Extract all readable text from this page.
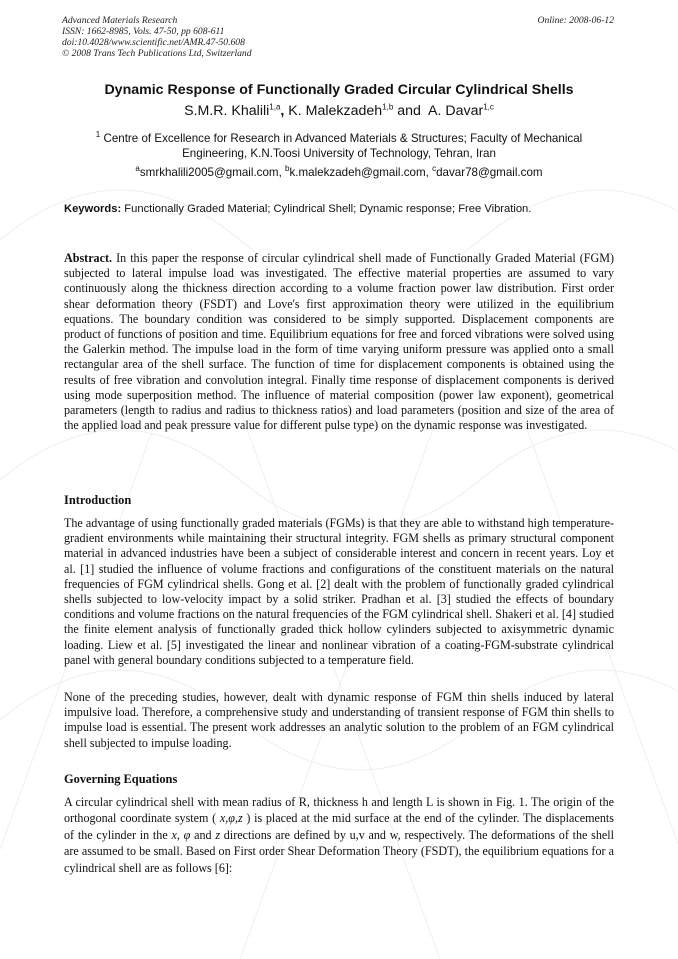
Advanced Materials Research
ISSN: 1662-8985, Vols. 47-50, pp 608-611
doi:10.4028/www.scientific.net/AMR.47-50.608
© 2008 Trans Tech Publications Ltd, Switzerland
Online: 2008-06-12
Dynamic Response of Functionally Graded Circular Cylindrical Shells
S.M.R. Khalili$^{1,a}$, K. Malekzadeh$^{1,b}$ and  A. Davar$^{1,c}$
$^1$ Centre of Excellence for Research in Advanced Materials & Structures; Faculty of Mechanical Engineering, K.N.Toosi University of Technology, Tehran, Iran
$^a$smrkhalili2005@gmail.com, $^b$k.malekzadeh@gmail.com, $^c$davar78@gmail.com
Keywords: Functionally Graded Material; Cylindrical Shell; Dynamic response; Free Vibration.

Abstract. In this paper the response of circular cylindrical shell made of Functionally Graded Material (FGM) subjected to lateral impulse load was investigated. The effective material properties are assumed to vary continuously along the thickness direction according to a volume fraction power law distribution. First order shear deformation theory (FSDT) and Love's first approximation theory were utilized in the equilibrium equations. The boundary condition was considered to be simply supported. Displacement components are product of functions of position and time. Equilibrium equations for free and forced vibrations were solved using the Galerkin method. The impulse load in the form of time varying uniform pressure was applied onto a small rectangular area of the shell surface. The function of time for displacement components is obtained using the results of free vibration and convolution integral. Finally time response of displacement components is derived using mode superposition method. The influence of material composition (power law exponent), geometrical parameters (length to radius and radius to thickness ratios) and load parameters (position and size of the area of the applied load and peak pressure value for different pulse type) on the dynamic response was investigated.

Introduction

The advantage of using functionally graded materials (FGMs) is that they are able to withstand high temperature-gradient environments while maintaining their structural integrity. FGM shells as primary structural component material in advanced industries have been a subject of considerable interest and concern in recent years. Loy et al. [1] studied the influence of volume fractions and configurations of the constituent materials on the natural frequencies of FGM cylindrical shells. Gong et al. [2] dealt with the problem of functionally graded cylindrical shells subjected to low-velocity impact by a solid striker. Pradhan et al. [3] studied the effects of boundary conditions and volume fractions on the natural frequencies of the FGM cylindrical shell. Shakeri et al. [4] studied the finite element analysis of functionally graded thick hollow cylinders subjected to axisymmetric dynamic loading. Liew et al. [5] investigated the linear and nonlinear vibration of a coating-FGM-substrate cylindrical panel with general boundary conditions subjected to a temperature field.

None of the preceding studies, however, dealt with dynamic response of FGM thin shells induced by lateral impulsive load. Therefore, a comprehensive study and understanding of transient response of FGM thin shells to impulse load is essential. The present work addresses an analytic solution to the problem of an FGM cylindrical shell subjected to impulse loading.

Governing Equations

A circular cylindrical shell with mean radius of R, thickness h and length L is shown in Fig. 1. The origin of the orthogonal coordinate system ( x,φ,z ) is placed at the mid surface at the end of the cylinder. The displacements of the cylinder in the x, φ and z directions are defined by u,v and w, respectively. The deformations of the shell are assumed to be small. Based on First order Shear Deformation Theory (FSDT), the equilibrium equations for a cylindrical shell are as follows [6]:
